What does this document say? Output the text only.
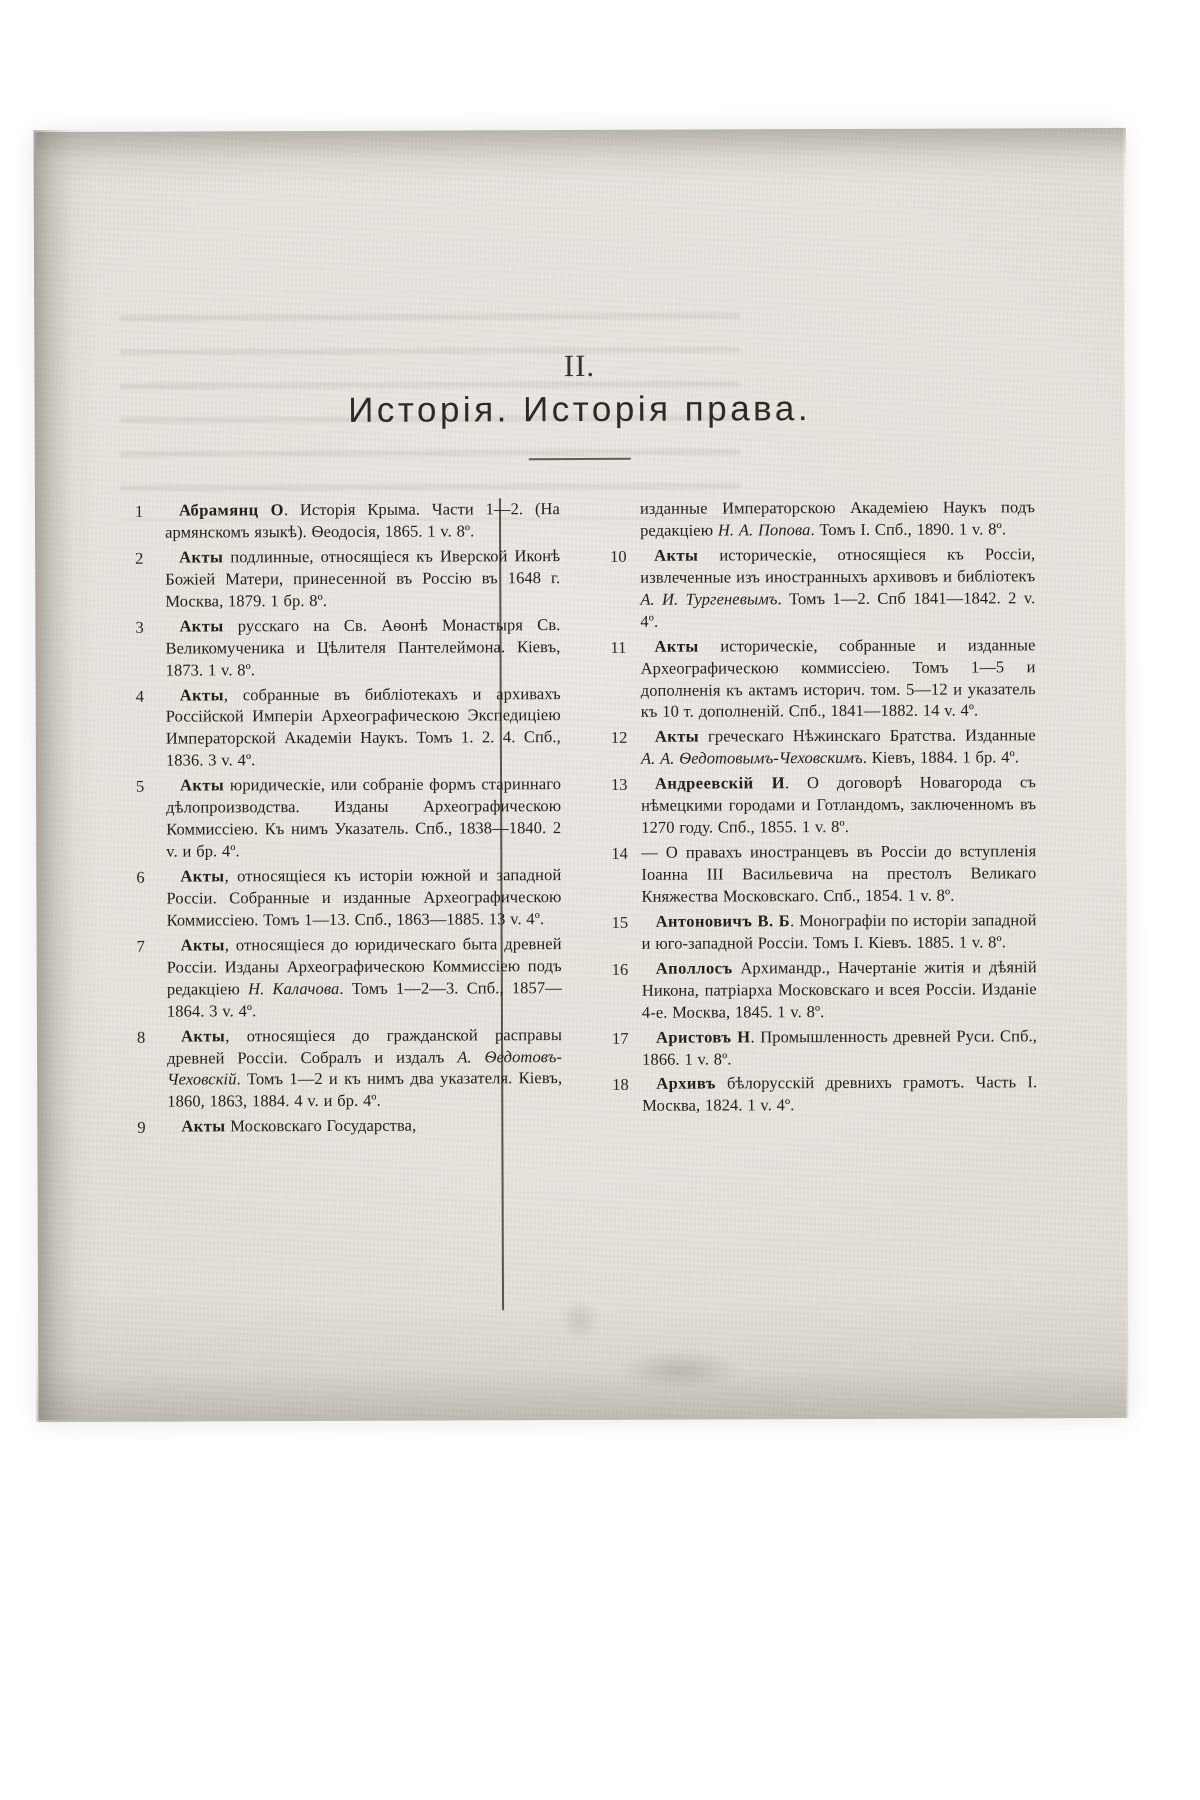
II.
Исторія. Исторія права.
1	Абрамянц О. Исторія Крыма. Части 1—2. (На армянскомъ языкѣ). Ѳеодосія, 1865. 1 v. 8º.
2	Акты подлинные, относящіеся къ Иверской Иконѣ Божіей Матери, принесенной въ Россію въ 1648 г. Москва, 1879. 1 бр. 8º.
3	Акты русскаго на Св. Аѳонѣ Монастыря Св. Великомученика и Цѣлителя Пантелеймона. Кіевъ, 1873. 1 v. 8º.
4	Акты, собранные въ библіотекахъ и архивахъ Россійской Имперіи Археографическою Экспедицiею Императорской Академіи Наукъ. Томъ 1. 2. 4. Спб., 1836. 3 v. 4º.
5	Акты юридическіе, или собраніе формъ стариннаго дѣлопроизводства. Изданы Археографическою Коммиссіею. Къ нимъ Указатель. Спб., 1838—1840. 2 v. и бр. 4º.
6	Акты, относящіеся къ исторіи южной и западной Россіи. Собранные и изданные Археографическою Коммиссіею. Томъ 1—13. Спб., 1863—1885. 13 v. 4º.
7	Акты, относящіеся до юридическаго быта древней Россіи. Изданы Археографическою Коммиссіею подъ редакціею Н. Калачова. Томъ 1—2—3. Спб., 1857—1864. 3 v. 4º.
8	Акты, относящіеся до гражданской расправы древней Россіи. Собралъ и издалъ А. Ѳедотовъ-Чеховскій. Томъ 1—2 и къ нимъ два указателя. Кіевъ, 1860, 1863, 1884. 4 v. и бр. 4º.
9	Акты Московскаго Государства,
изданные Императорскою Академіею Наукъ подъ редакціею Н. А. Попова. Томъ I. Спб., 1890. 1 v. 8º.
10	Акты историческіе, относящіеся къ Россіи, извлеченные изъ иностранныхъ архивовъ и библіотекъ А. И. Тургеневымъ. Томъ 1—2. Спб 1841—1842. 2 v. 4º.
11	Акты историческіе, собранные и изданные Археографическою коммиссіею. Томъ 1—5 и дополненія къ актамъ историч. том. 5—12 и указатель къ 10 т. дополненій. Спб., 1841—1882. 14 v. 4º.
12	Акты греческаго Нѣжинскаго Братства. Изданные А. А. Ѳедотовымъ-Чеховскимъ. Кіевъ, 1884. 1 бр. 4º.
13	Андреевскій И. О договорѣ Новагорода съ нѣмецкими городами и Готландомъ, заключенномъ въ 1270 году. Спб., 1855. 1 v. 8º.
14 — О правахъ иностранцевъ въ Россіи до вступленія Іоанна III Васильевича на престолъ Великаго Княжества Московскаго. Спб., 1854. 1 v. 8º.
15	Антоновичъ В. Б. Монографіи по исторіи западной и юго-западной Россіи. Томъ I. Кіевъ. 1885. 1 v. 8º.
16	Аполлосъ Архимандр., Начертаніе житія и дѣяній Никона, патріарха Московскаго и всея Россіи. Изданіе 4-е. Москва, 1845. 1 v. 8º.
17	Аристовъ Н. Промышленность древней Руси. Спб., 1866. 1 v. 8º.
18	Архивъ бѣлорусскій древнихъ грамотъ. Часть I. Москва, 1824. 1 v. 4º.
